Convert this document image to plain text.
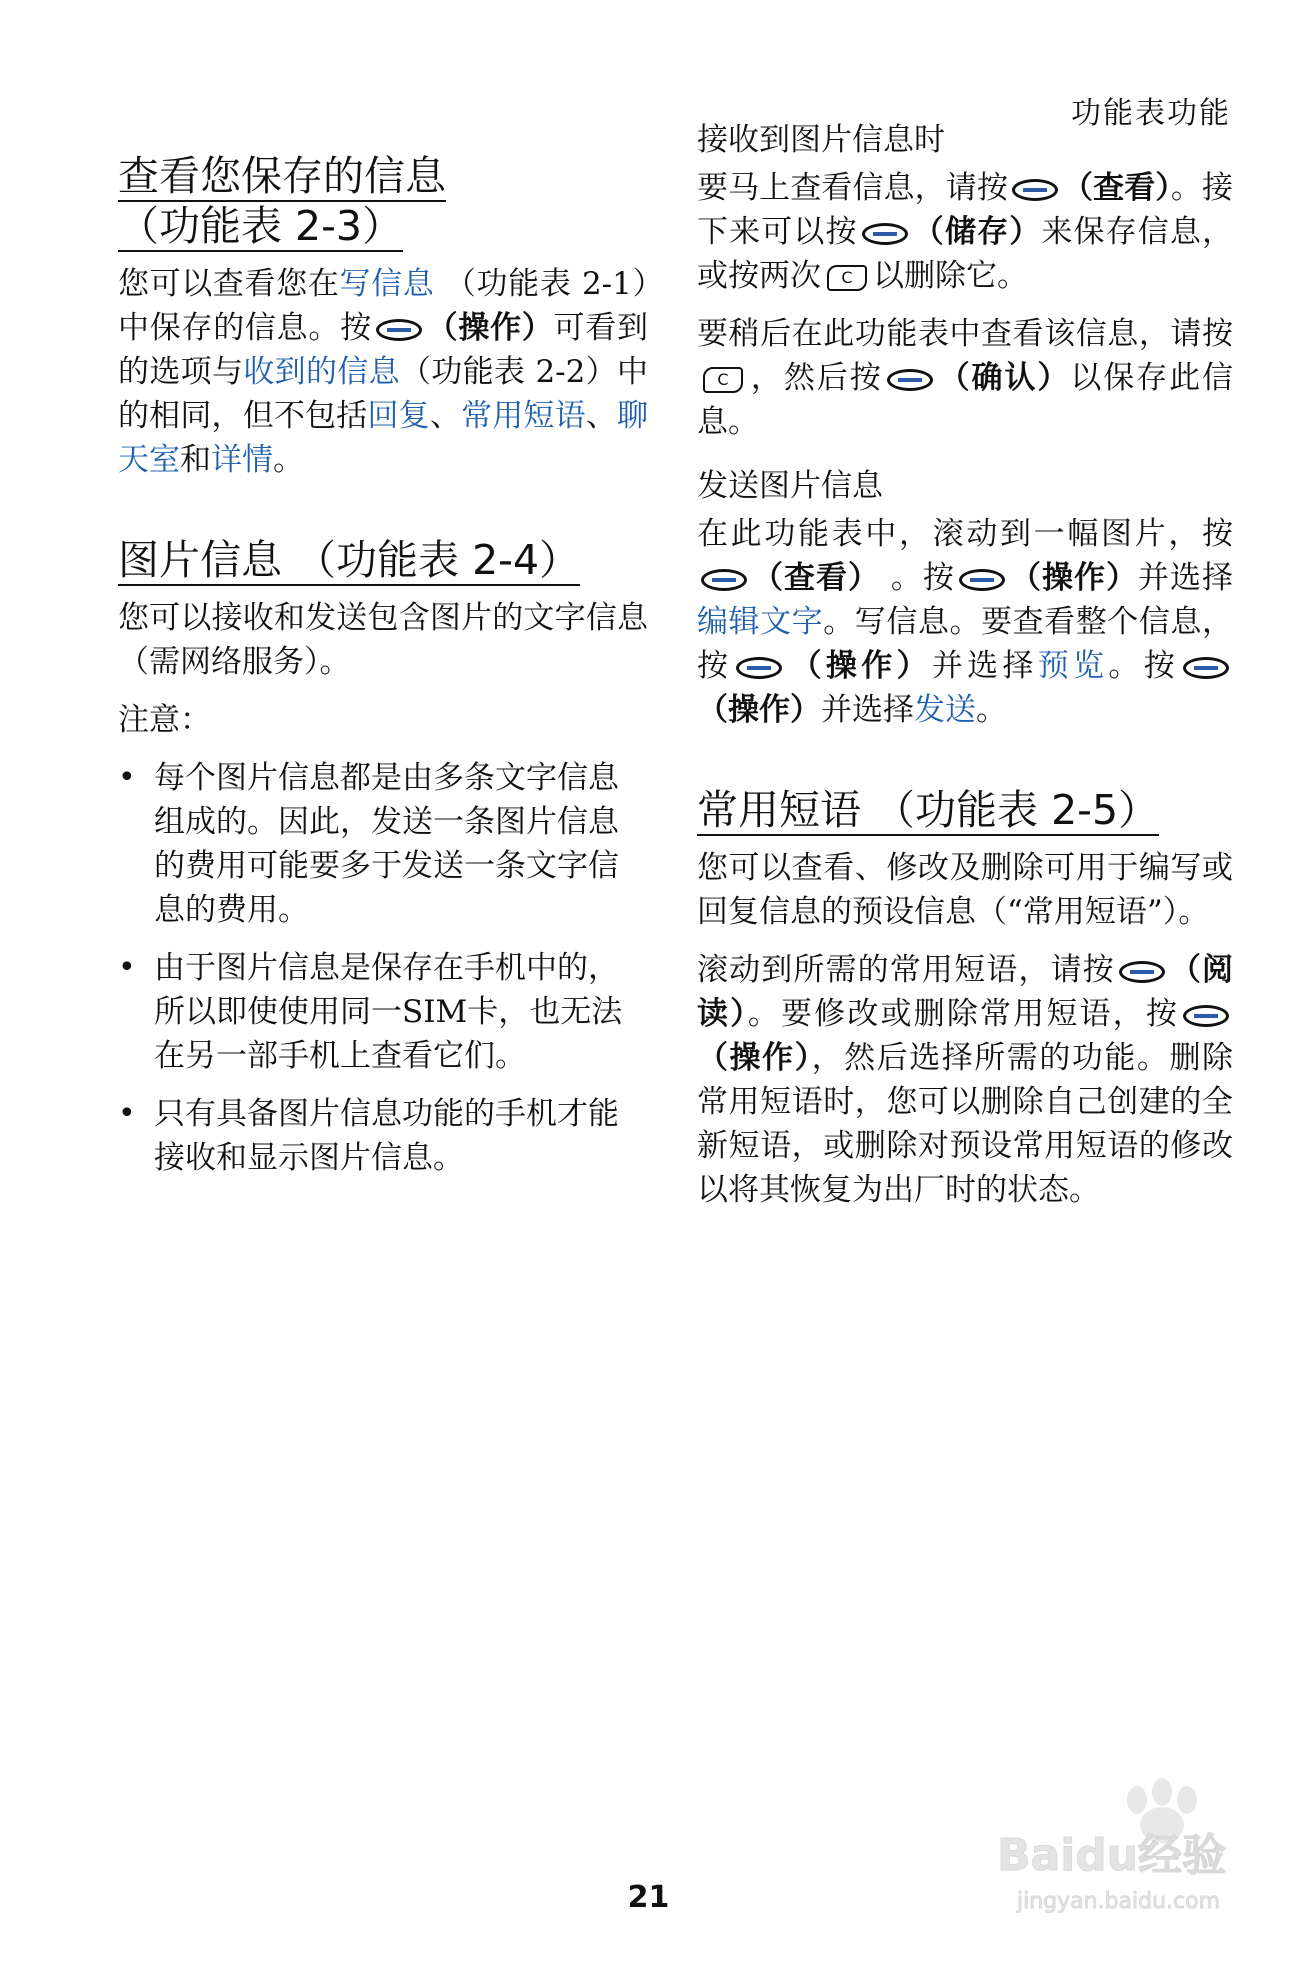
功能表功能
查看您保存的信息
（功能表 2-3）

您可以查看您在写信息 （功能表 2-1）中保存的信息。按 （操作）可看到的选项与收到的信息（功能表 2-2）中的相同，但不包括回复、常用短语、聊天室和详情。

图片信息 （功能表 2-4）

您可以接收和发送包含图片的文字信息 （需网络服务）。

注意：

• 每个图片信息都是由多条文字信息组成的。因此，发送一条图片信息的费用可能要多于发送一条文字信息的费用。
• 由于图片信息是保存在手机中的，所以即使使用同一SIM卡，也无法在另一部手机上查看它们。
• 只有具备图片信息功能的手机才能接收和显示图片信息。
接收到图片信息时

要马上查看信息，请按 （查看）。接下来可以按 （储存）来保存信息，或按两次 C 以删除它。

要稍后在此功能表中查看该信息，请按C ，然后按 （确认）以保存此信息。

发送图片信息

在此功能表中，滚动到一幅图片，按（查看） 。按 （操作）并选择编辑文字。写信息。要查看整个信息，按 （操作）并选择预览。按（操作）并选择发送。

常用短语 （功能表 2-5）

您可以查看、修改及删除可用于编写或回复信息的预设信息（“常用短语”）。

滚动到所需的常用短语，请按 （阅读）。要修改或删除常用短语，按（操作），然后选择所需的功能。删除常用短语时，您可以删除自己创建的全新短语，或删除对预设常用短语的修改以将其恢复为出厂时的状态。

Baidu经验
jingyan.baidu.com
21
